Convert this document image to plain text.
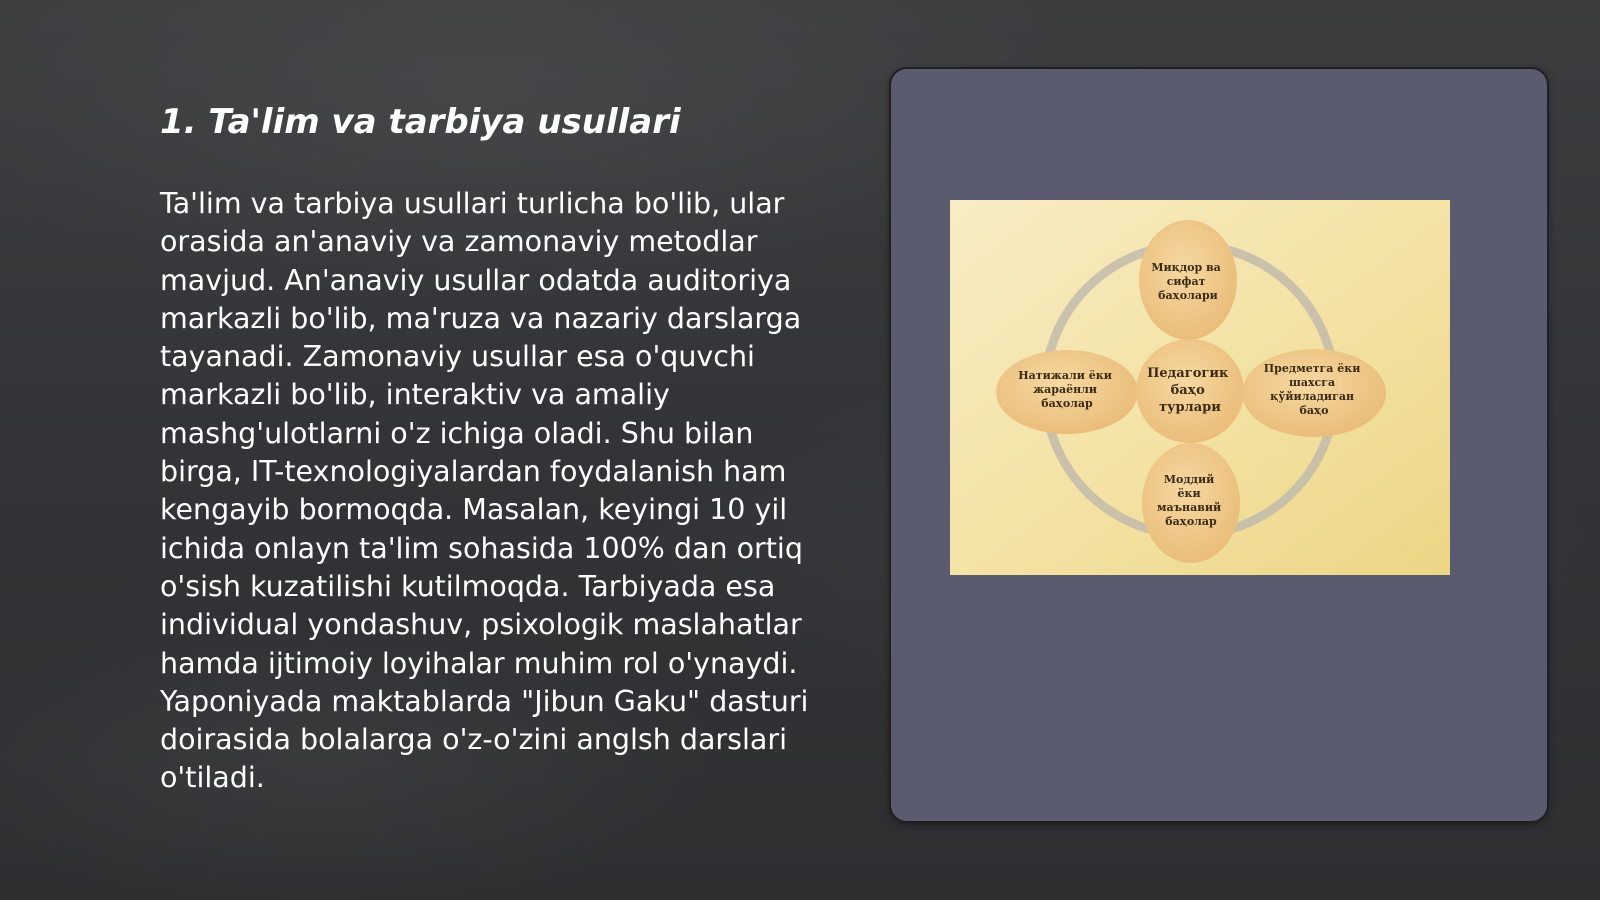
1. Ta'lim va tarbiya usullari

Ta'lim va tarbiya usullari turlicha bo'lib, ular orasida an'anaviy va zamonaviy metodlar mavjud. An'anaviy usullar odatda auditoriya markazli bo'lib, ma'ruza va nazariy darslarga tayanadi. Zamonaviy usullar esa o'quvchi markazli bo'lib, interaktiv va amaliy mashg'ulotlarni o'z ichiga oladi. Shu bilan birga, IT-texnologiyalardan foydalanish ham kengayib bormoqda. Masalan, keyingi 10 yil ichida onlayn ta'lim sohasida 100% dan ortiq o'sish kuzatilishi kutilmoqda. Tarbiyada esa individual yondashuv, psixologik maslahatlar hamda ijtimoiy loyihalar muhim rol o'ynaydi. Yaponiyada maktablarda "Jibun Gaku" dasturi doirasida bolalarga o'z-o'zini anglsh darslari o'tiladi.

Миқдор ва сифат баҳолари
Натижали ёки жараёнли баҳолар
Предметга ёки шахсга қўйиладиган баҳо
Моддий ёки маънавий баҳолар
Педагогик баҳо турлари
